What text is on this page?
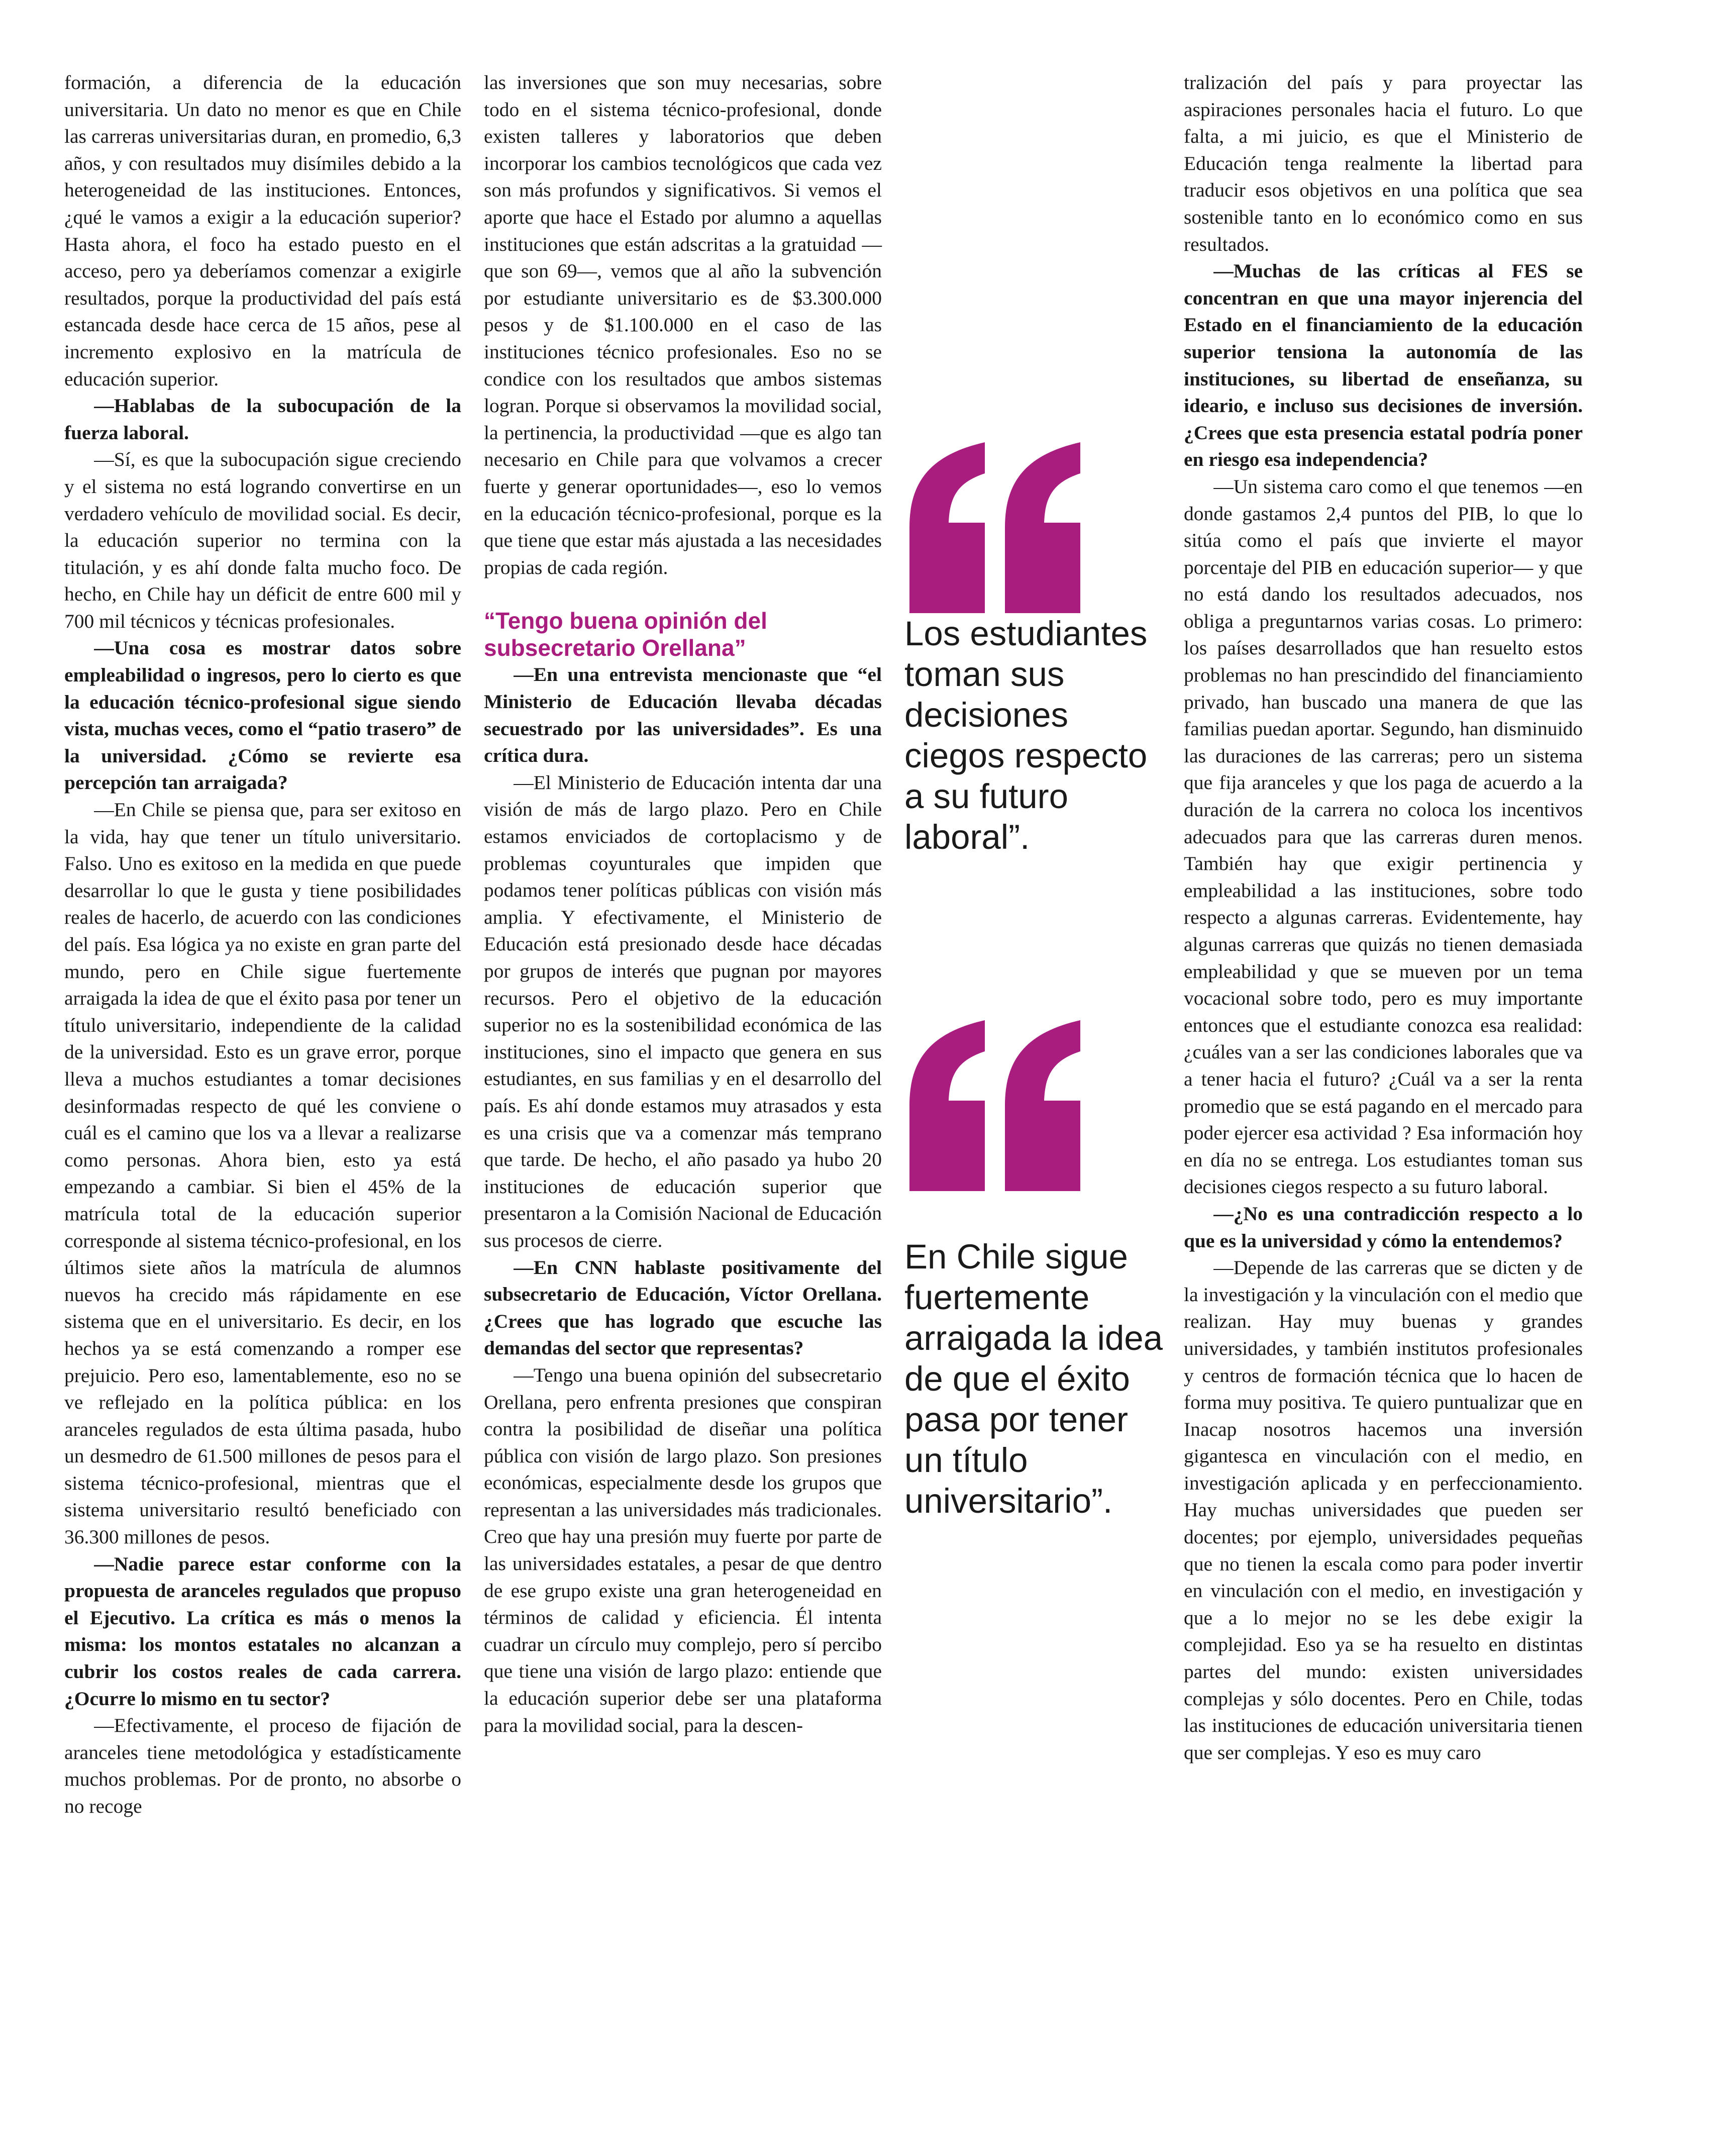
formación, a diferencia de la educación universitaria. Un dato no menor es que en Chile las carreras universitarias duran, en promedio, 6,3 años, y con resultados muy disímiles debido a la heterogeneidad de las instituciones. Entonces, ¿qué le vamos a exigir a la educación superior? Hasta ahora, el foco ha estado puesto en el acceso, pero ya deberíamos comenzar a exigirle resultados, porque la productividad del país está estancada desde hace cerca de 15 años, pese al incremento explosivo en la matrícula de educación superior.

—Hablabas de la subocupación de la fuerza laboral.

—Sí, es que la subocupación sigue creciendo y el sistema no está logrando convertirse en un verdadero vehículo de movilidad social. Es decir, la educación superior no termina con la titulación, y es ahí donde falta mucho foco. De hecho, en Chile hay un déficit de entre 600 mil y 700 mil técnicos y técnicas profesionales.

—Una cosa es mostrar datos sobre empleabilidad o ingresos, pero lo cierto es que la educación técnico-profesional sigue siendo vista, muchas veces, como el “patio trasero” de la universidad. ¿Cómo se revierte esa percepción tan arraigada?

—En Chile se piensa que, para ser exitoso en la vida, hay que tener un título universitario. Falso. Uno es exitoso en la medida en que puede desarrollar lo que le gusta y tiene posibilidades reales de hacerlo, de acuerdo con las condiciones del país. Esa lógica ya no existe en gran parte del mundo, pero en Chile sigue fuertemente arraigada la idea de que el éxito pasa por tener un título universitario, independiente de la calidad de la universidad. Esto es un grave error, porque lleva a muchos estudiantes a tomar decisiones desinformadas respecto de qué les conviene o cuál es el camino que los va a llevar a realizarse como personas. Ahora bien, esto ya está empezando a cambiar. Si bien el 45% de la matrícula total de la educación superior corresponde al sistema técnico-profesional, en los últimos siete años la matrícula de alumnos nuevos ha crecido más rápidamente en ese sistema que en el universitario. Es decir, en los hechos ya se está comenzando a romper ese prejuicio. Pero eso, lamentablemente, eso no se ve reflejado en la política pública: en los aranceles regulados de esta última pasada, hubo un desmedro de 61.500 millones de pesos para el sistema técnico-profesional, mientras que el sistema universitario resultó beneficiado con 36.300 millones de pesos.

—Nadie parece estar conforme con la propuesta de aranceles regulados que propuso el Ejecutivo. La crítica es más o menos la misma: los montos estatales no alcanzan a cubrir los costos reales de cada carrera. ¿Ocurre lo mismo en tu sector?

—Efectivamente, el proceso de fijación de aranceles tiene metodológica y estadísticamente muchos problemas. Por de pronto, no absorbe o no recoge

las inversiones que son muy necesarias, sobre todo en el sistema técnico-profesional, donde existen talleres y laboratorios que deben incorporar los cambios tecnológicos que cada vez son más profundos y significativos. Si vemos el aporte que hace el Estado por alumno a aquellas instituciones que están adscritas a la gratuidad —que son 69—, vemos que al año la subvención por estudiante universitario es de $3.300.000 pesos y de $1.100.000 en el caso de las instituciones técnico profesionales. Eso no se condice con los resultados que ambos sistemas logran. Porque si observamos la movilidad social, la pertinencia, la productividad —que es algo tan necesario en Chile para que volvamos a crecer fuerte y generar oportunidades—, eso lo vemos en la educación técnico-profesional, porque es la que tiene que estar más ajustada a las necesidades propias de cada región.

“Tengo buena opinión del subsecretario Orellana”

—En una entrevista mencionaste que “el Ministerio de Educación llevaba décadas secuestrado por las universidades”. Es una crítica dura.

—El Ministerio de Educación intenta dar una visión de más de largo plazo. Pero en Chile estamos enviciados de cortoplacismo y de problemas coyunturales que impiden que podamos tener políticas públicas con visión más amplia. Y efectivamente, el Ministerio de Educación está presionado desde hace décadas por grupos de interés que pugnan por mayores recursos. Pero el objetivo de la educación superior no es la sostenibilidad económica de las instituciones, sino el impacto que genera en sus estudiantes, en sus familias y en el desarrollo del país. Es ahí donde estamos muy atrasados y esta es una crisis que va a comenzar más temprano que tarde. De hecho, el año pasado ya hubo 20 instituciones de educación superior que presentaron a la Comisión Nacional de Educación sus procesos de cierre.

—En CNN hablaste positivamente del subsecretario de Educación, Víctor Orellana. ¿Crees que has logrado que escuche las demandas del sector que representas?

—Tengo una buena opinión del subsecretario Orellana, pero enfrenta presiones que conspiran contra la posibilidad de diseñar una política pública con visión de largo plazo. Son presiones económicas, especialmente desde los grupos que representan a las universidades más tradicionales. Creo que hay una presión muy fuerte por parte de las universidades estatales, a pesar de que dentro de ese grupo existe una gran heterogeneidad en términos de calidad y eficiencia. Él intenta cuadrar un círculo muy complejo, pero sí percibo que tiene una visión de largo plazo: entiende que la educación superior debe ser una plataforma para la movilidad social, para la descen-

Los estudiantes toman sus decisiones ciegos respecto a su futuro laboral”.

En Chile sigue fuertemente arraigada la idea de que el éxito pasa por tener un título universitario”.

tralización del país y para proyectar las aspiraciones personales hacia el futuro. Lo que falta, a mi juicio, es que el Ministerio de Educación tenga realmente la libertad para traducir esos objetivos en una política que sea sostenible tanto en lo económico como en sus resultados.

—Muchas de las críticas al FES se concentran en que una mayor injerencia del Estado en el financiamiento de la educación superior tensiona la autonomía de las instituciones, su libertad de enseñanza, su ideario, e incluso sus decisiones de inversión. ¿Crees que esta presencia estatal podría poner en riesgo esa independencia?

—Un sistema caro como el que tenemos —en donde gastamos 2,4 puntos del PIB, lo que lo sitúa como el país que invierte el mayor porcentaje del PIB en educación superior— y que no está dando los resultados adecuados, nos obliga a preguntarnos varias cosas. Lo primero: los países desarrollados que han resuelto estos problemas no han prescindido del financiamiento privado, han buscado una manera de que las familias puedan aportar. Segundo, han disminuido las duraciones de las carreras; pero un sistema que fija aranceles y que los paga de acuerdo a la duración de la carrera no coloca los incentivos adecuados para que las carreras duren menos. También hay que exigir pertinencia y empleabilidad a las instituciones, sobre todo respecto a algunas carreras. Evidentemente, hay algunas carreras que quizás no tienen demasiada empleabilidad y que se mueven por un tema vocacional sobre todo, pero es muy importante entonces que el estudiante conozca esa realidad: ¿cuáles van a ser las condiciones laborales que va a tener hacia el futuro? ¿Cuál va a ser la renta promedio que se está pagando en el mercado para poder ejercer esa actividad ? Esa información hoy en día no se entrega. Los estudiantes toman sus decisiones ciegos respecto a su futuro laboral.

—¿No es una contradicción respecto a lo que es la universidad y cómo la entendemos?

—Depende de las carreras que se dicten y de la investigación y la vinculación con el medio que realizan. Hay muy buenas y grandes universidades, y también institutos profesionales y centros de formación técnica que lo hacen de forma muy positiva. Te quiero puntualizar que en Inacap nosotros hacemos una inversión gigantesca en vinculación con el medio, en investigación aplicada y en perfeccionamiento. Hay muchas universidades que pueden ser docentes; por ejemplo, universidades pequeñas que no tienen la escala como para poder invertir en vinculación con el medio, en investigación y que a lo mejor no se les debe exigir la complejidad. Eso ya se ha resuelto en distintas partes del mundo: existen universidades complejas y sólo docentes. Pero en Chile, todas las instituciones de educación universitaria tienen que ser complejas. Y eso es muy caro
